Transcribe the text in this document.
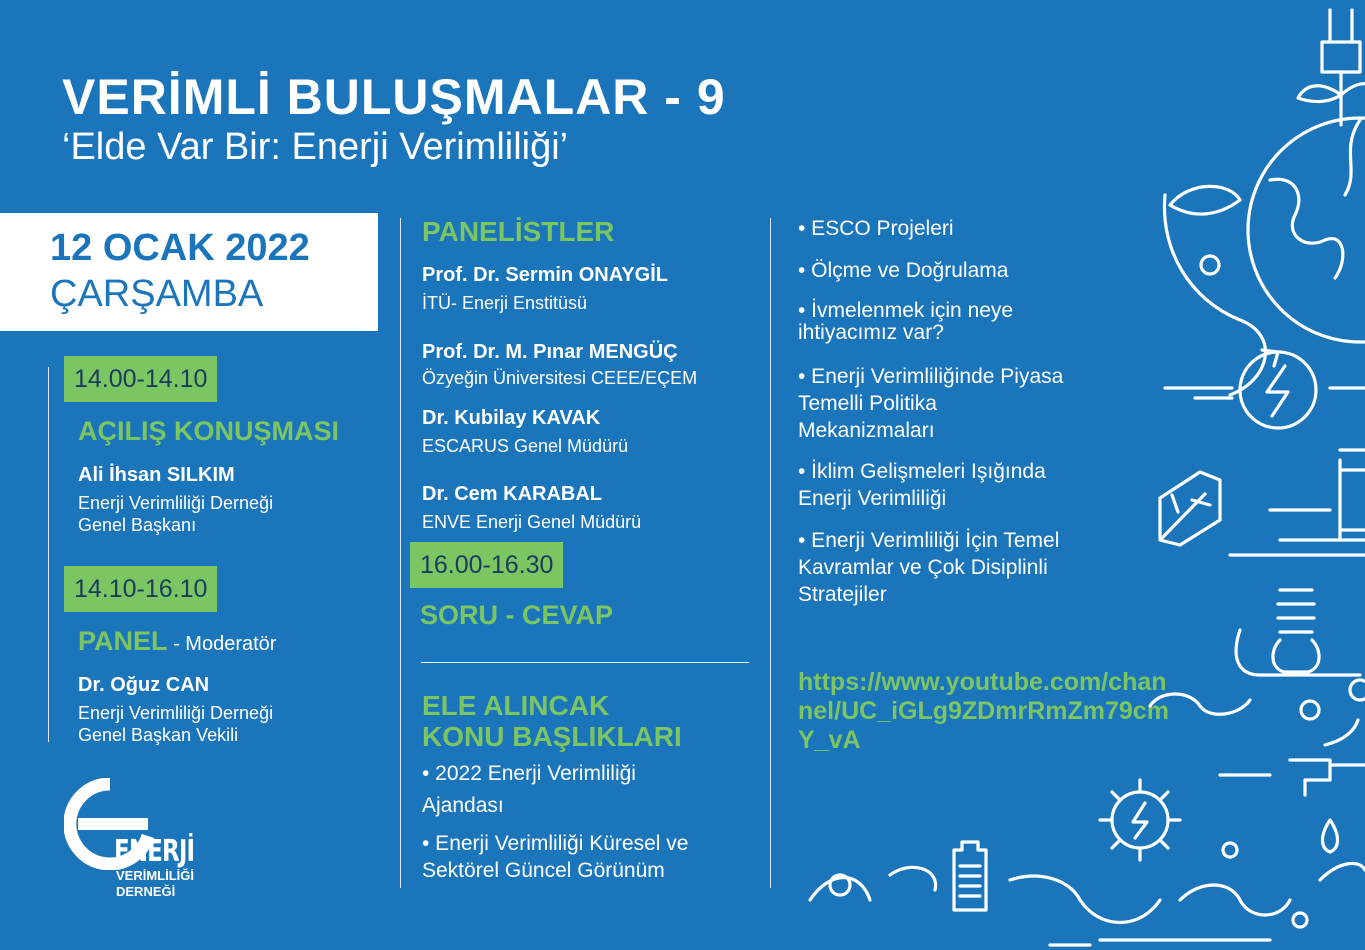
VERİMLİ BULUŞMALAR - 9
‘Elde Var Bir: Enerji Verimliliği’
12 OCAK 2022
ÇARŞAMBA
14.00-14.10
AÇILIŞ KONUŞMASI
Ali İhsan SILKIM
Enerji Verimliliği Derneği
Genel Başkanı
14.10-16.10
PANEL - Moderatör
Dr. Oğuz CAN
Enerji Verimliliği Derneği
Genel Başkan Vekili
PANELİSTLER
Prof. Dr. Sermin ONAYGİL
İTÜ- Enerji Enstitüsü
Prof. Dr. M. Pınar MENGÜÇ
Özyeğin Üniversitesi CEEE/EÇEM
Dr. Kubilay KAVAK
ESCARUS Genel Müdürü
Dr. Cem KARABAL
ENVE Enerji Genel Müdürü
16.00-16.30
SORU - CEVAP
ELE ALINCAK
KONU BAŞLIKLARI
• 2022 Enerji Verimliliği Ajandası
• Enerji Verimliliği Küresel ve Sektörel Güncel Görünüm
• ESCO Projeleri
• Ölçme ve Doğrulama
• İvmelenmek için neye ihtiyacımız var?
• Enerji Verimliliğinde Piyasa Temelli Politika Mekanizmaları
• İklim Gelişmeleri Işığında Enerji Verimliliği
• Enerji Verimliliği İçin Temel Kavramlar ve Çok Disiplinli Stratejiler
https://www.youtube.com/channel/UC_iGLg9ZDmrRmZm79cmY_vA
ENERJİ
VERİMLİLİĞİ
DERNEĞİ
